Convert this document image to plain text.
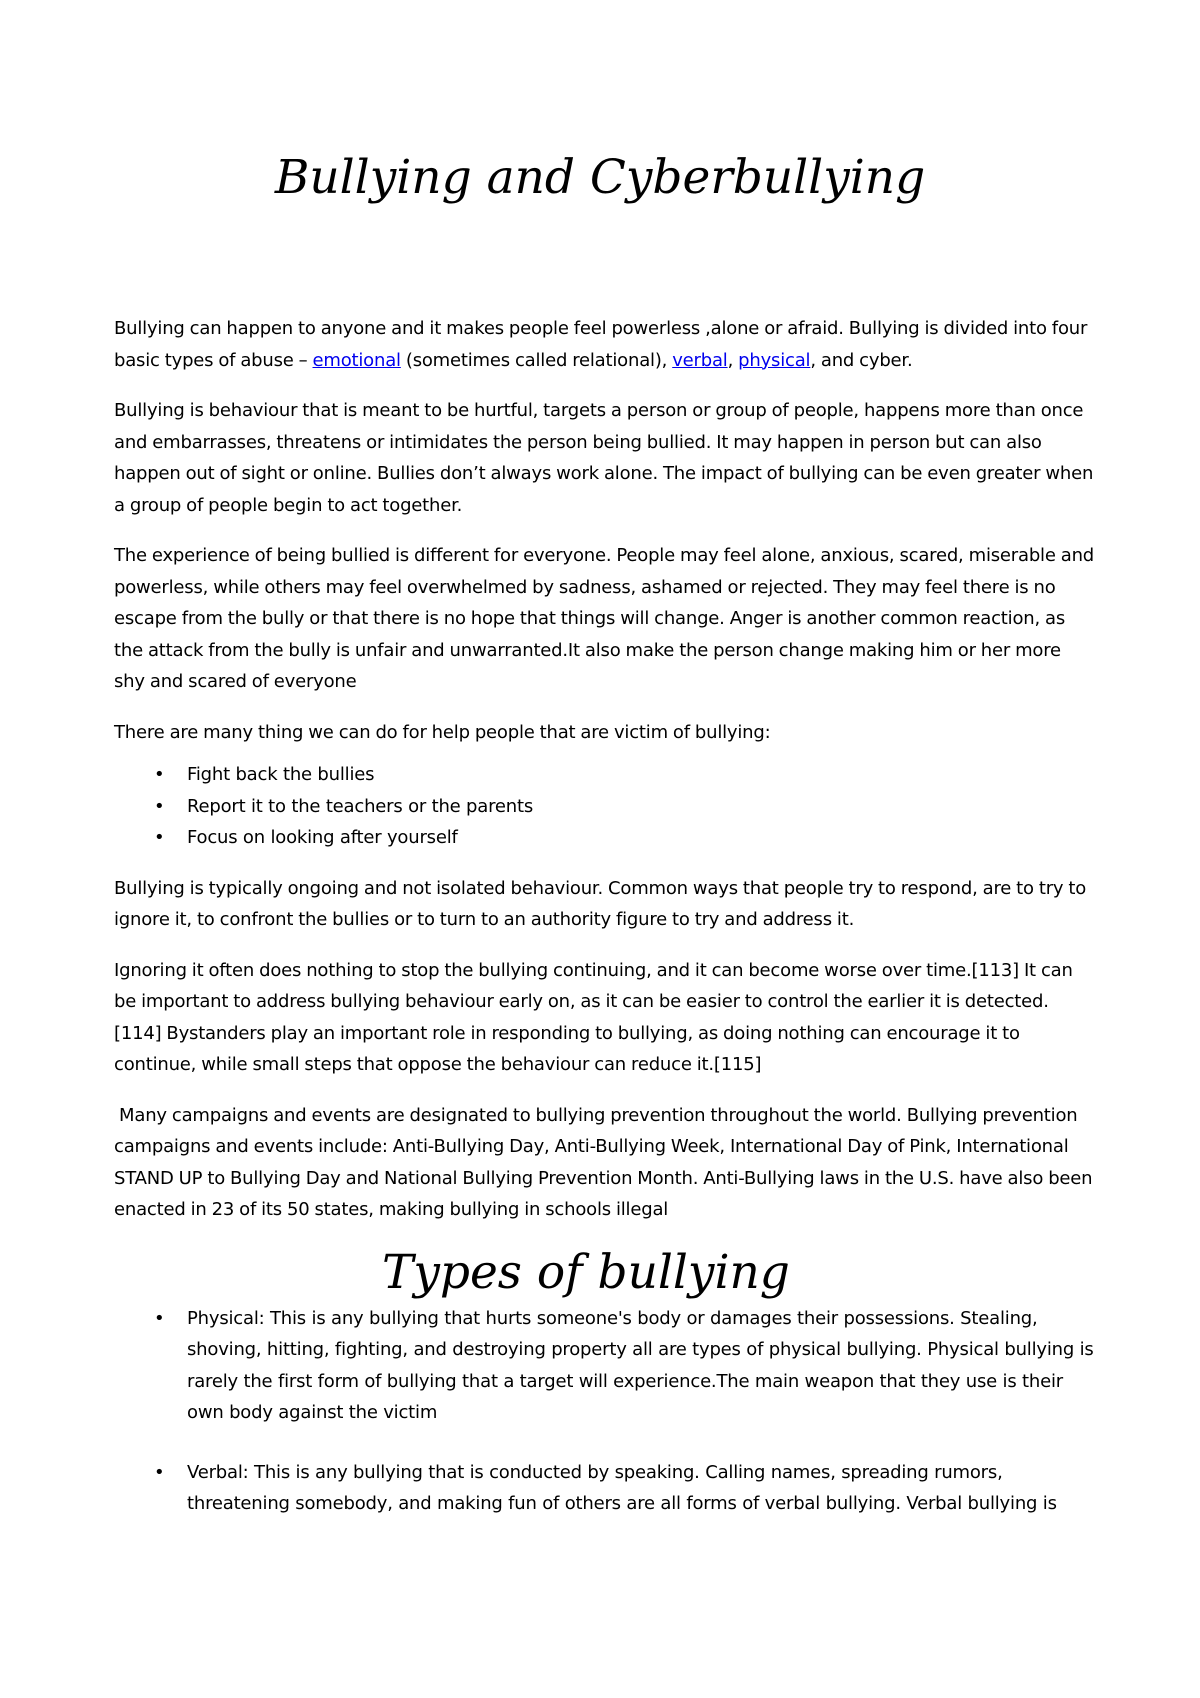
Bullying and Cyberbullying

Bullying can happen to anyone and it makes people feel powerless ,alone or afraid. Bullying is divided into four basic types of abuse – emotional (sometimes called relational), verbal, physical, and cyber.

Bullying is behaviour that is meant to be hurtful, targets a person or group of people, happens more than once and embarrasses, threatens or intimidates the person being bullied. It may happen in person but can also happen out of sight or online. Bullies don’t always work alone. The impact of bullying can be even greater when a group of people begin to act together.

The experience of being bullied is different for everyone. People may feel alone, anxious, scared, miserable and powerless, while others may feel overwhelmed by sadness, ashamed or rejected. They may feel there is no escape from the bully or that there is no hope that things will change. Anger is another common reaction, as the attack from the bully is unfair and unwarranted.It also make the person change making him or her more shy and scared of everyone

There are many thing we can do for help people that are victim of bullying:

• Fight back the bullies
• Report it to the teachers or the parents
• Focus on looking after yourself

Bullying is typically ongoing and not isolated behaviour. Common ways that people try to respond, are to try to ignore it, to confront the bullies or to turn to an authority figure to try and address it.

Ignoring it often does nothing to stop the bullying continuing, and it can become worse over time.[113] It can be important to address bullying behaviour early on, as it can be easier to control the earlier it is detected.[114] Bystanders play an important role in responding to bullying, as doing nothing can encourage it to continue, while small steps that oppose the behaviour can reduce it.[115]

Many campaigns and events are designated to bullying prevention throughout the world. Bullying prevention campaigns and events include: Anti-Bullying Day, Anti-Bullying Week, International Day of Pink, International STAND UP to Bullying Day and National Bullying Prevention Month. Anti-Bullying laws in the U.S. have also been enacted in 23 of its 50 states, making bullying in schools illegal

Types of bullying
• Physical: This is any bullying that hurts someone's body or damages their possessions. Stealing, shoving, hitting, fighting, and destroying property all are types of physical bullying. Physical bullying is rarely the first form of bullying that a target will experience.The main weapon that they use is their own body against the victim
• Verbal: This is any bullying that is conducted by speaking. Calling names, spreading rumors, threatening somebody, and making fun of others are all forms of verbal bullying. Verbal bullying is
